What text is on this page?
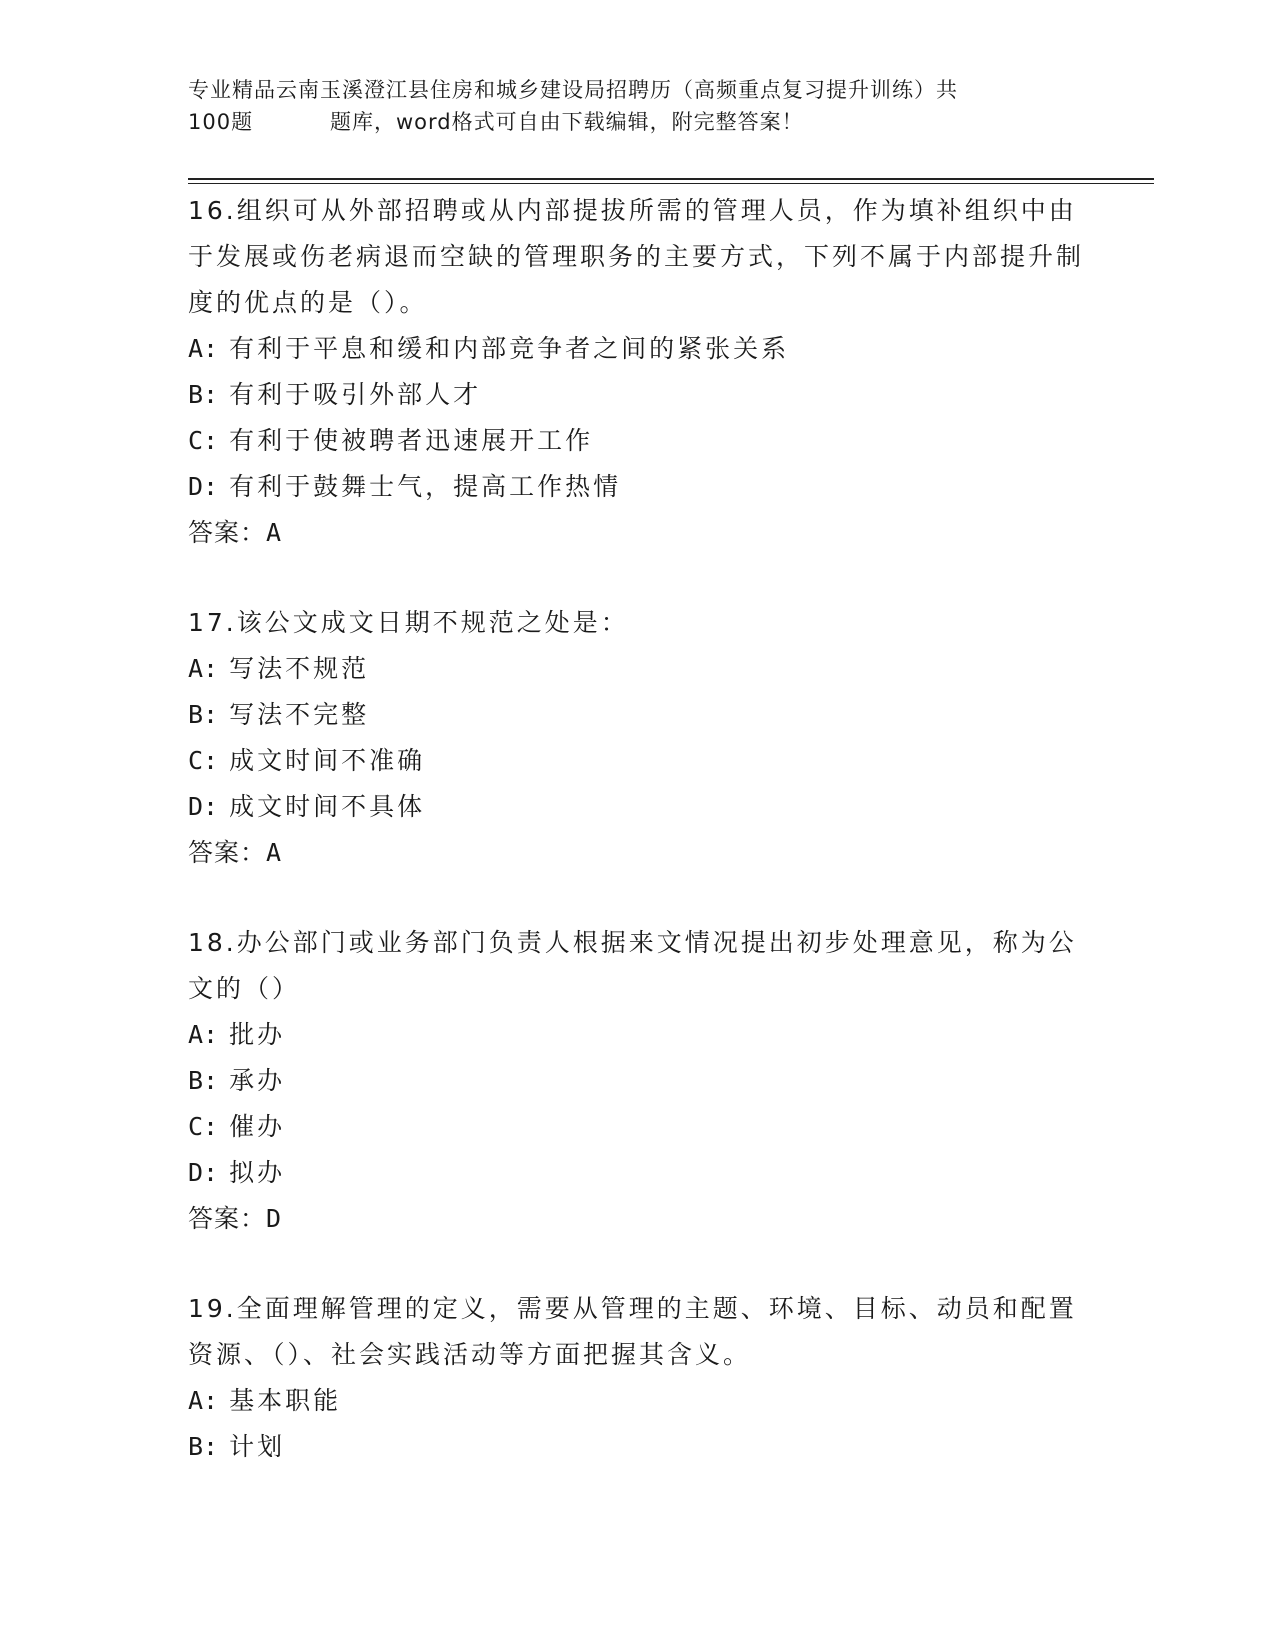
专业精品云南玉溪澄江县住房和城乡建设局招聘历（高频重点复习提升训练）共
100题	题库，word格式可自由下载编辑，附完整答案！
16.组织可从外部招聘或从内部提拔所需的管理人员，作为填补组织中由于发展或伤老病退而空缺的管理职务的主要方式，下列不属于内部提升制度的优点的是（）。
A: 有利于平息和缓和内部竞争者之间的紧张关系
B: 有利于吸引外部人才
C: 有利于使被聘者迅速展开工作
D: 有利于鼓舞士气，提高工作热情
答案：A
17.该公文成文日期不规范之处是：
A: 写法不规范
B: 写法不完整
C: 成文时间不准确
D: 成文时间不具体
答案：A
18.办公部门或业务部门负责人根据来文情况提出初步处理意见，称为公文的（）
A: 批办
B: 承办
C: 催办
D: 拟办
答案：D
19.全面理解管理的定义，需要从管理的主题、环境、目标、动员和配置资源、（）、社会实践活动等方面把握其含义。
A: 基本职能
B: 计划
